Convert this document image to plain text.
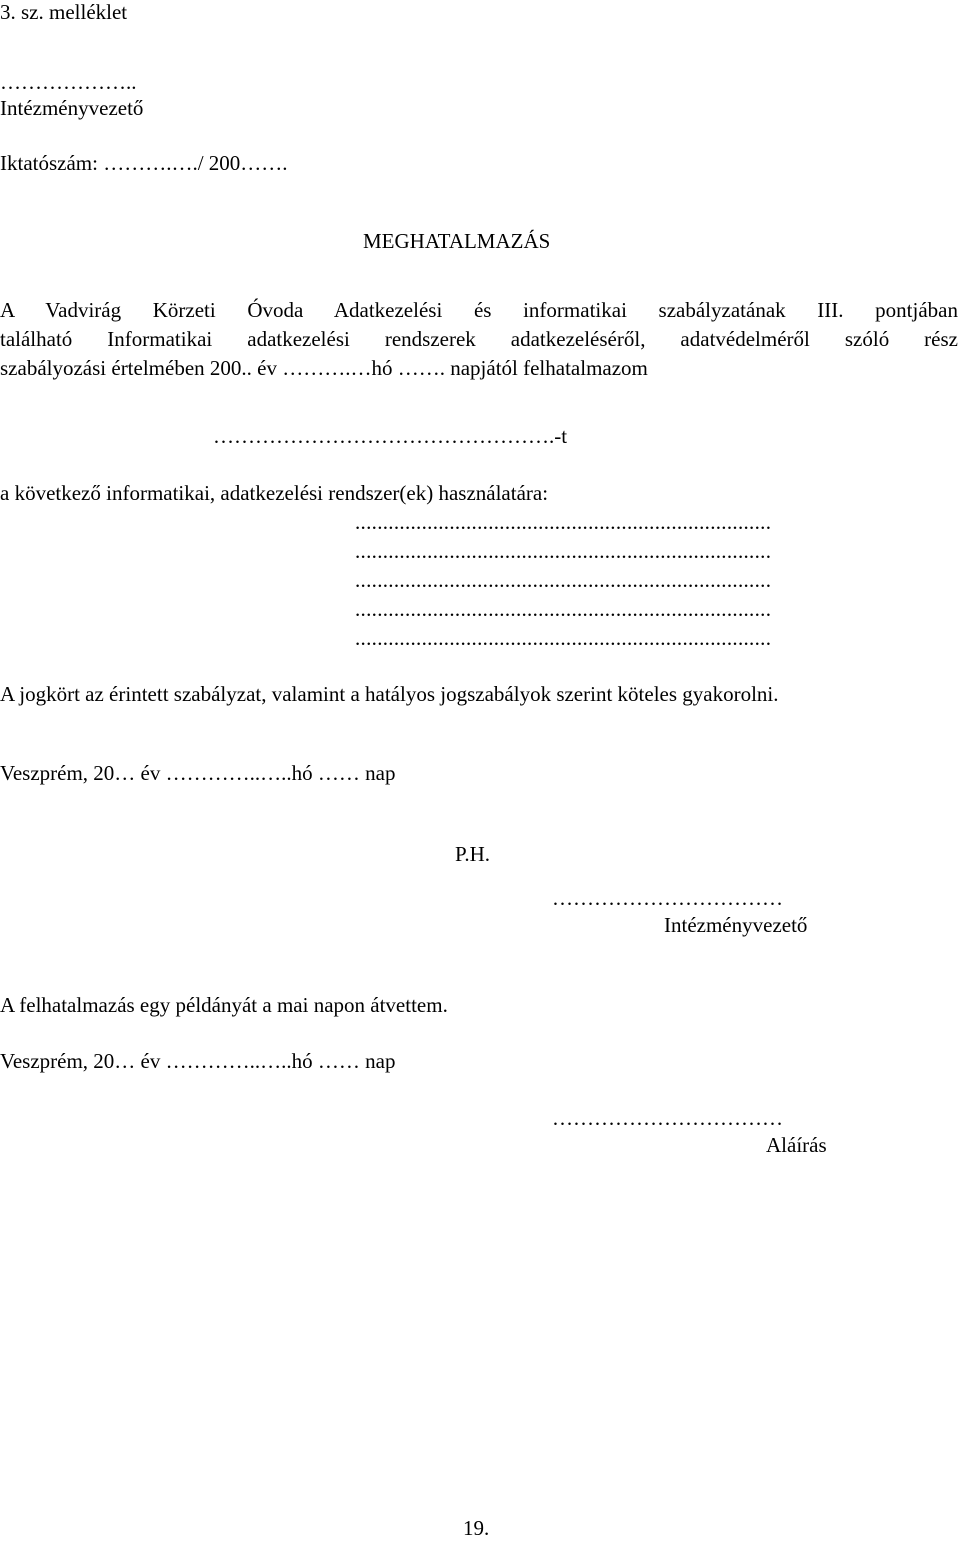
3. sz. melléklet
………………..
Intézményvezető
Iktatószám: ……….…./ 200…….
MEGHATALMAZÁS
A Vadvirág Körzeti Óvoda Adatkezelési és informatikai szabályzatának III. pontjában
található Informatikai adatkezelési rendszerek adatkezeléséről, adatvédelméről szóló rész
szabályozási értelmében 200.. év ……….…hó ……. napjától felhatalmazom
………………………………………….-t
a következő informatikai, adatkezelési rendszer(ek) használatára:
...........................................................................
...........................................................................
...........................................................................
...........................................................................
...........................................................................
A jogkört az érintett szabályzat, valamint a hatályos jogszabályok szerint köteles gyakorolni.
Veszprém, 20… év …………..…..hó …… nap
P.H.
……………………………
Intézményvezető
A felhatalmazás egy példányát a mai napon átvettem.
Veszprém, 20… év …………..…..hó …… nap
……………………………
Aláírás
19.
